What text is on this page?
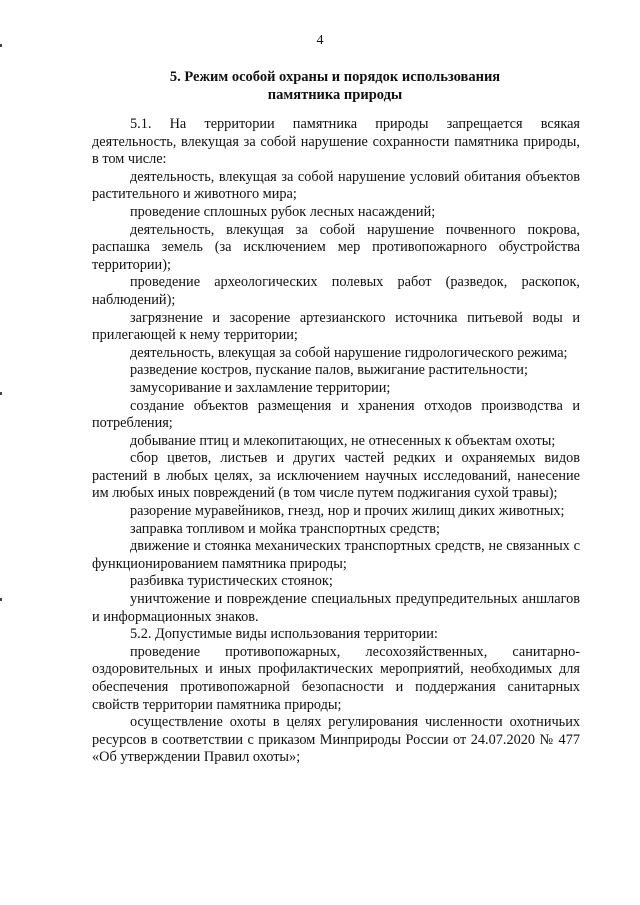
4
5. Режим особой охраны и порядок использования
памятника природы

5.1. На территории памятника природы запрещается всякая деятельность, влекущая за собой нарушение сохранности памятника природы, в том числе:

деятельность, влекущая за собой нарушение условий обитания объектов растительного и животного мира;

проведение сплошных рубок лесных насаждений;

деятельность, влекущая за собой нарушение почвенного покрова, распашка земель (за исключением мер противопожарного обустройства территории);

проведение археологических полевых работ (разведок, раскопок, наблюдений);

загрязнение и засорение артезианского источника питьевой воды и прилегающей к нему территории;

деятельность, влекущая за собой нарушение гидрологического режима;

разведение костров, пускание палов, выжигание растительности;

замусоривание и захламление территории;

создание объектов размещения и хранения отходов производства и потребления;

добывание птиц и млекопитающих, не отнесенных к объектам охоты;

сбор цветов, листьев и других частей редких и охраняемых видов растений в любых целях, за исключением научных исследований, нанесение им любых иных повреждений (в том числе путем поджигания сухой травы);

разорение муравейников, гнезд, нор и прочих жилищ диких животных;

заправка топливом и мойка транспортных средств;

движение и стоянка механических транспортных средств, не связанных с функционированием памятника природы;

разбивка туристических стоянок;

уничтожение и повреждение специальных предупредительных аншлагов и информационных знаков.

5.2. Допустимые виды использования территории:

проведение противопожарных, лесохозяйственных, санитарно-оздоровительных и иных профилактических мероприятий, необходимых для обеспечения противопожарной безопасности и поддержания санитарных свойств территории памятника природы;

осуществление охоты в целях регулирования численности охотничьих ресурсов в соответствии с приказом Минприроды России от 24.07.2020 № 477 «Об утверждении Правил охоты»;
